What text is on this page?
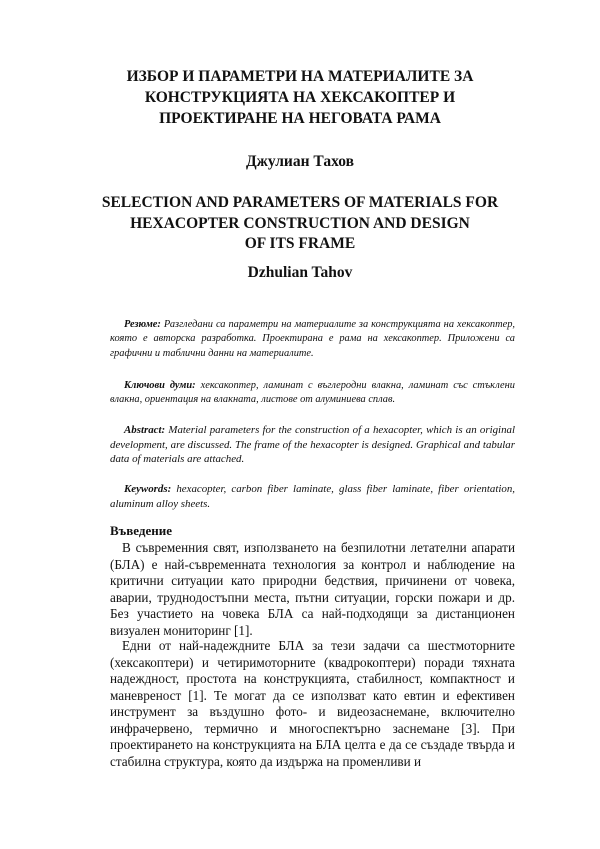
ИЗБОР И ПАРАМЕТРИ НА МАТЕРИАЛИТЕ ЗА
КОНСТРУКЦИЯТА НА ХЕКСАКОПТЕР И
ПРОЕКТИРАНЕ НА НЕГОВАТА РАМА
Джулиан Тахов
SELECTION AND PARAMETERS OF MATERIALS FOR
HEXACOPTER CONSTRUCTION AND DESIGN
OF ITS FRAME
Dzhulian Tahov
Резюме: Разгледани са параметри на материалите за конструкцията на хексакоптер, която е авторска разработка. Проектирана е рама на хексакоптер. Приложени са графични и таблични данни на материалите.
Ключови думи: хексакоптер, ламинат с въглеродни влакна, ламинат със стъклени влакна, ориентация на влакната, листове от алуминиева сплав.
Abstract: Material parameters for the construction of a hexacopter, which is an original development, are discussed. The frame of the hexacopter is designed. Graphical and tabular data of materials are attached.
Keywords: hexacopter, carbon fiber laminate, glass fiber laminate, fiber orientation, aluminum alloy sheets.
Въведение
В съвременния свят, използването на безпилотни летателни апарати (БЛА) е най-съвременната технология за контрол и наблюдение на критични ситуации като природни бедствия, причинени от човека, аварии, труднодостъпни места, пътни ситуации, горски пожари и др. Без участието на човека БЛА са най-подходящи за дистанционен визуален мониторинг [1].
Едни от най-надеждните БЛА за тези задачи са шестмоторните (хексакоптери) и четиримоторните (квадрокоптери) поради тяхната надеждност, простота на конструкцията, стабилност, компактност и маневреност [1]. Те могат да се използват като евтин и ефективен инструмент за въздушно фото- и видеозаснемане, включително инфрачервено, термично и многоспектърно заснемане [3]. При проектирането на конструкцията на БЛА целта е да се създаде твърда и стабилна структура, която да издържа на променливи и
